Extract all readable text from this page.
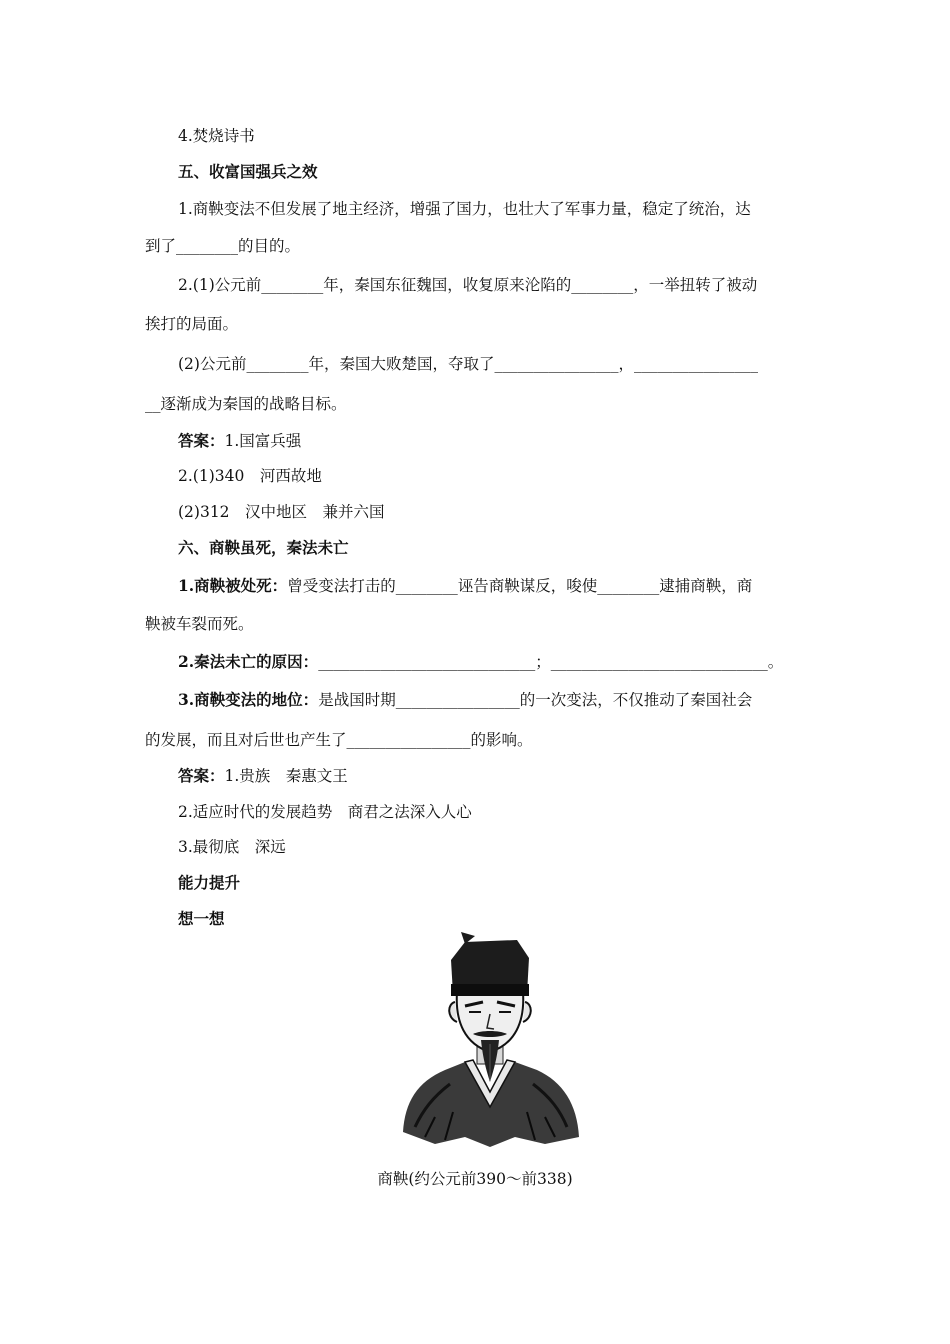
4.焚烧诗书
五、收富国强兵之效
1.商鞅变法不但发展了地主经济，增强了国力，也壮大了军事力量，稳定了统治，达
到了________的目的。
2.(1)公元前________年，秦国东征魏国，收复原来沦陷的________，一举扭转了被动
挨打的局面。
(2)公元前________年，秦国大败楚国，夺取了________________，________________
__逐渐成为秦国的战略目标。
答案：1.国富兵强
2.(1)340　河西故地
(2)312　汉中地区　兼并六国
六、商鞅虽死，秦法未亡
1.商鞅被处死：曾受变法打击的________诬告商鞅谋反，唆使________逮捕商鞅，商
鞅被车裂而死。
2.秦法未亡的原因：____________________________；____________________________。
3.商鞅变法的地位：是战国时期________________的一次变法，不仅推动了秦国社会
的发展，而且对后世也产生了________________的影响。
答案：1.贵族　秦惠文王
2.适应时代的发展趋势　商君之法深入人心
3.最彻底　深远
能力提升
想一想
商鞅(约公元前390～前338)
